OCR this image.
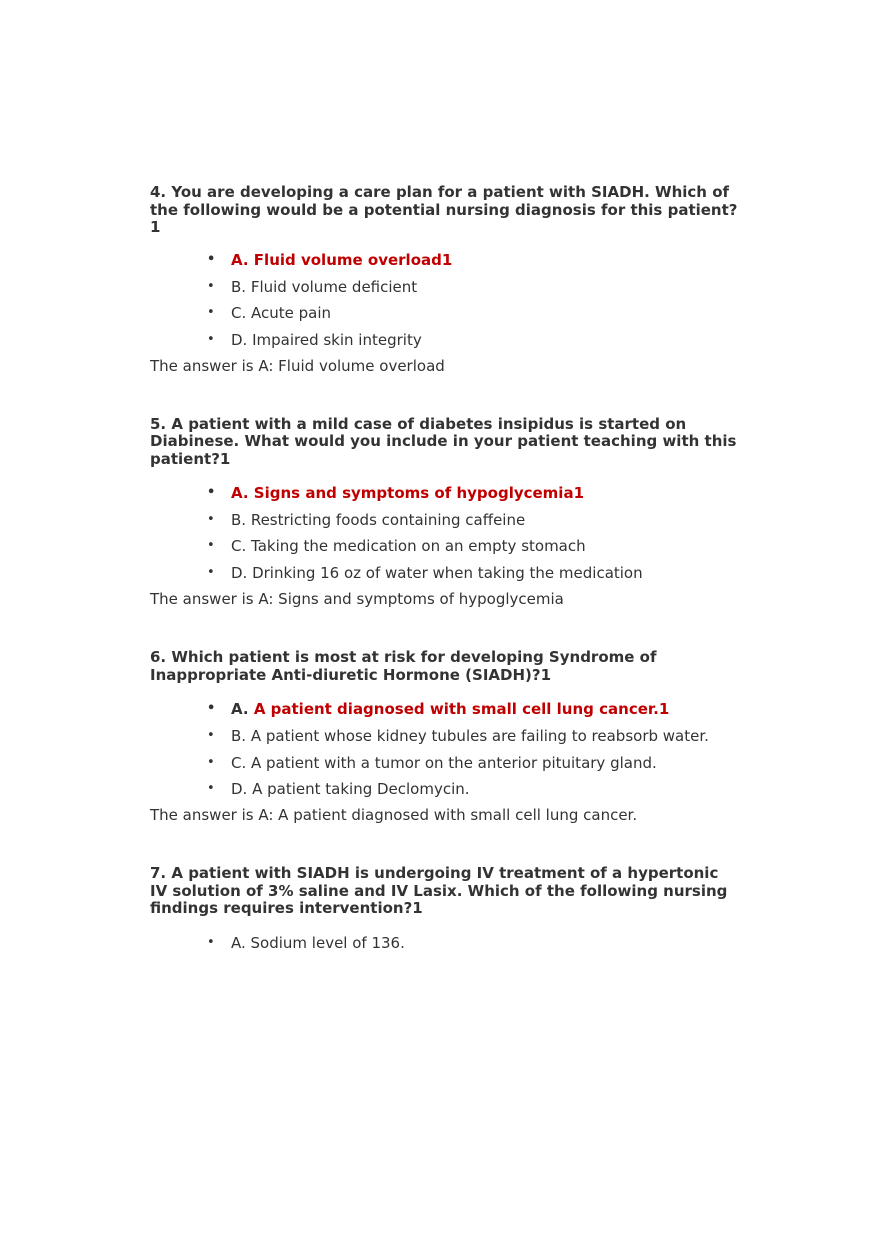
4. You are developing a care plan for a patient with SIADH. Which of the following would be a potential nursing diagnosis for this patient?1

• A. Fluid volume overload1
• B. Fluid volume deficient
• C. Acute pain
• D. Impaired skin integrity

The answer is A: Fluid volume overload

5. A patient with a mild case of diabetes insipidus is started on Diabinese. What would you include in your patient teaching with this patient?1

• A. Signs and symptoms of hypoglycemia1
• B. Restricting foods containing caffeine
• C. Taking the medication on an empty stomach
• D. Drinking 16 oz of water when taking the medication

The answer is A: Signs and symptoms of hypoglycemia

6. Which patient is most at risk for developing Syndrome of Inappropriate Anti-diuretic Hormone (SIADH)?1

• A. A patient diagnosed with small cell lung cancer.1
• B. A patient whose kidney tubules are failing to reabsorb water.
• C. A patient with a tumor on the anterior pituitary gland.
• D. A patient taking Declomycin.

The answer is A: A patient diagnosed with small cell lung cancer.

7. A patient with SIADH is undergoing IV treatment of a hypertonic IV solution of 3% saline and IV Lasix. Which of the following nursing findings requires intervention?1

• A. Sodium level of 136.
